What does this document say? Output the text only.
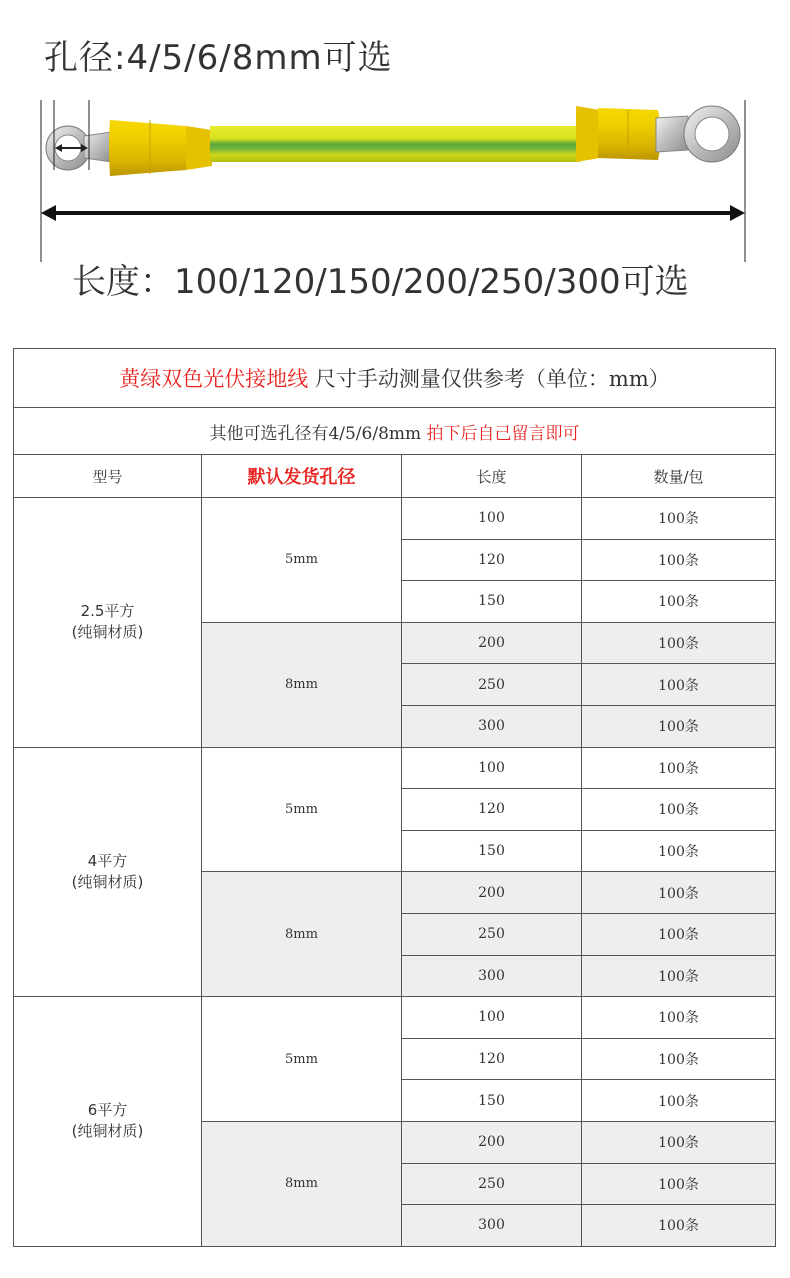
孔径:4/5/6/8mm可选
长度：100/120/150/200/250/300可选
黄绿双色光伏接地线 尺寸手动测量仅供参考（单位：mm）			
其他可选孔径有4/5/6/8mm 拍下后自己留言即可			
型号	默认发货孔径	长度	数量/包

2.5平方
(纯铜材质)	5mm	100	100条
		120	100条
		150	100条
	8mm	200	100条
		250	100条
		300	100条

4平方
(纯铜材质)	5mm	100	100条
		120	100条
		150	100条
	8mm	200	100条
		250	100条
		300	100条

6平方
(纯铜材质)	5mm	100	100条
		120	100条
		150	100条
	8mm	200	100条
		250	100条
		300	100条
